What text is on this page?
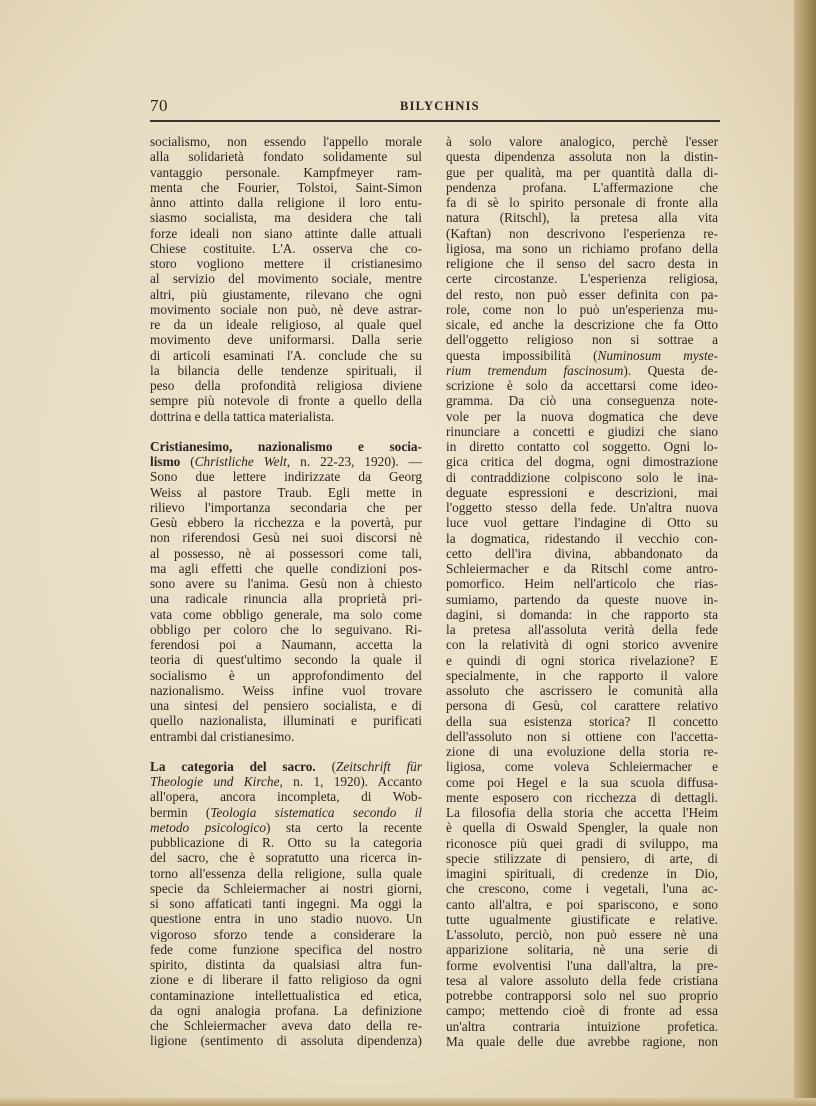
70	BILYCHNIS
socialismo, non essendo l'appello morale
alla solidarietà fondato solidamente sul
vantaggio personale. Kampfmeyer ram-
menta che Fourier, Tolstoi, Saint-Simon
ànno attinto dalla religione il loro entu-
siasmo socialista, ma desidera che tali
forze ideali non siano attinte dalle attuali
Chiese costituite. L'A. osserva che co-
storo vogliono mettere il cristianesimo
al servizio del movimento sociale, mentre
altri, più giustamente, rilevano che ogni
movimento sociale non può, nè deve astrar-
re da un ideale religioso, al quale quel
movimento deve uniformarsi. Dalla serie
di articoli esaminati l'A. conclude che su
la bilancia delle tendenze spirituali, il
peso della profondità religiosa diviene
sempre più notevole di fronte a quello della
dottrina e della tattica materialista.
Cristianesimo, nazionalismo e socia-
lismo (Christliche Welt, n. 22-23, 1920). —
Sono due lettere indirizzate da Georg
Weiss al pastore Traub. Egli mette in
rilievo l'importanza secondaria che per
Gesù ebbero la ricchezza e la povertà, pur
non riferendosi Gesù nei suoi discorsi nè
al possesso, nè ai possessori come tali,
ma agli effetti che quelle condizioni pos-
sono avere su l'anima. Gesù non à chiesto
una radicale rinuncia alla proprietà pri-
vata come obbligo generale, ma solo come
obbligo per coloro che lo seguivano. Ri-
ferendosi poi a Naumann, accetta la
teoria di quest'ultimo secondo la quale il
socialismo è un approfondimento del
nazionalismo. Weiss infine vuol trovare
una sintesi del pensiero socialista, e di
quello nazionalista, illuminati e purificati
entrambi dal cristianesimo.
La categoria del sacro. (Zeitschrift für
Theologie und Kirche, n. 1, 1920). Accanto
all'opera, ancora incompleta, di Wob-
bermin (Teologia sistematica secondo il
metodo psicologico) sta certo la recente
pubblicazione di R. Otto su la categoria
del sacro, che è sopratutto una ricerca in-
torno all'essenza della religione, sulla quale
specie da Schleiermacher ai nostri giorni,
si sono affaticati tanti ingegni. Ma oggi la
questione entra in uno stadio nuovo. Un
vigoroso sforzo tende a considerare la
fede come funzione specifica del nostro
spirito, distinta da qualsiasi altra fun-
zione e di liberare il fatto religioso da ogni
contaminazione intellettualistica ed etica,
da ogni analogia profana. La definizione
che Schleiermacher aveva dato della re-
ligione (sentimento di assoluta dipendenza)
à solo valore analogico, perchè l'esser
questa dipendenza assoluta non la distin-
gue per qualità, ma per quantità dalla di-
pendenza profana. L'affermazione che
fa di sè lo spirito personale di fronte alla
natura (Ritschl), la pretesa alla vita
(Kaftan) non descrivono l'esperienza re-
ligiosa, ma sono un richiamo profano della
religione che il senso del sacro desta in
certe circostanze. L'esperienza religiosa,
del resto, non può esser definita con pa-
role, come non lo può un'esperienza mu-
sicale, ed anche la descrizione che fa Otto
dell'oggetto religioso non si sottrae a
questa impossibilità (Numinosum myste-
rium tremendum fascinosum). Questa de-
scrizione è solo da accettarsi come ideo-
gramma. Da ciò una conseguenza note-
vole per la nuova dogmatica che deve
rinunciare a concetti e giudizi che siano
in diretto contatto col soggetto. Ogni lo-
gica critica del dogma, ogni dimostrazione
di contraddizione colpiscono solo le ina-
deguate espressioni e descrizioni, mai
l'oggetto stesso della fede. Un'altra nuova
luce vuol gettare l'indagine di Otto su
la dogmatica, ridestando il vecchio con-
cetto dell'ira divina, abbandonato da
Schleiermacher e da Ritschl come antro-
pomorfico. Heim nell'articolo che rias-
sumiamo, partendo da queste nuove in-
dagini, si domanda: in che rapporto sta
la pretesa all'assoluta verità della fede
con la relatività di ogni storico avvenire
e quindi di ogni storica rivelazione? E
specialmente, in che rapporto il valore
assoluto che ascrissero le comunità alla
persona di Gesù, col carattere relativo
della sua esistenza storica? Il concetto
dell'assoluto non si ottiene con l'accetta-
zione di una evoluzione della storia re-
ligiosa, come voleva Schleiermacher e
come poi Hegel e la sua scuola diffusa-
mente esposero con ricchezza di dettagli.
La filosofia della storia che accetta l'Heim
è quella di Oswald Spengler, la quale non
riconosce più quei gradi di sviluppo, ma
specie stilizzate di pensiero, di arte, di
imagini spirituali, di credenze in Dio,
che crescono, come i vegetali, l'una ac-
canto all'altra, e poi spariscono, e sono
tutte ugualmente giustificate e relative.
L'assoluto, perciò, non può essere nè una
apparizione solitaria, nè una serie di
forme evolventisi l'una dall'altra, la pre-
tesa al valore assoluto della fede cristiana
potrebbe contrapporsi solo nel suo proprio
campo; mettendo cioè di fronte ad essa
un'altra contraria intuizione profetica.
Ma quale delle due avrebbe ragione, non
